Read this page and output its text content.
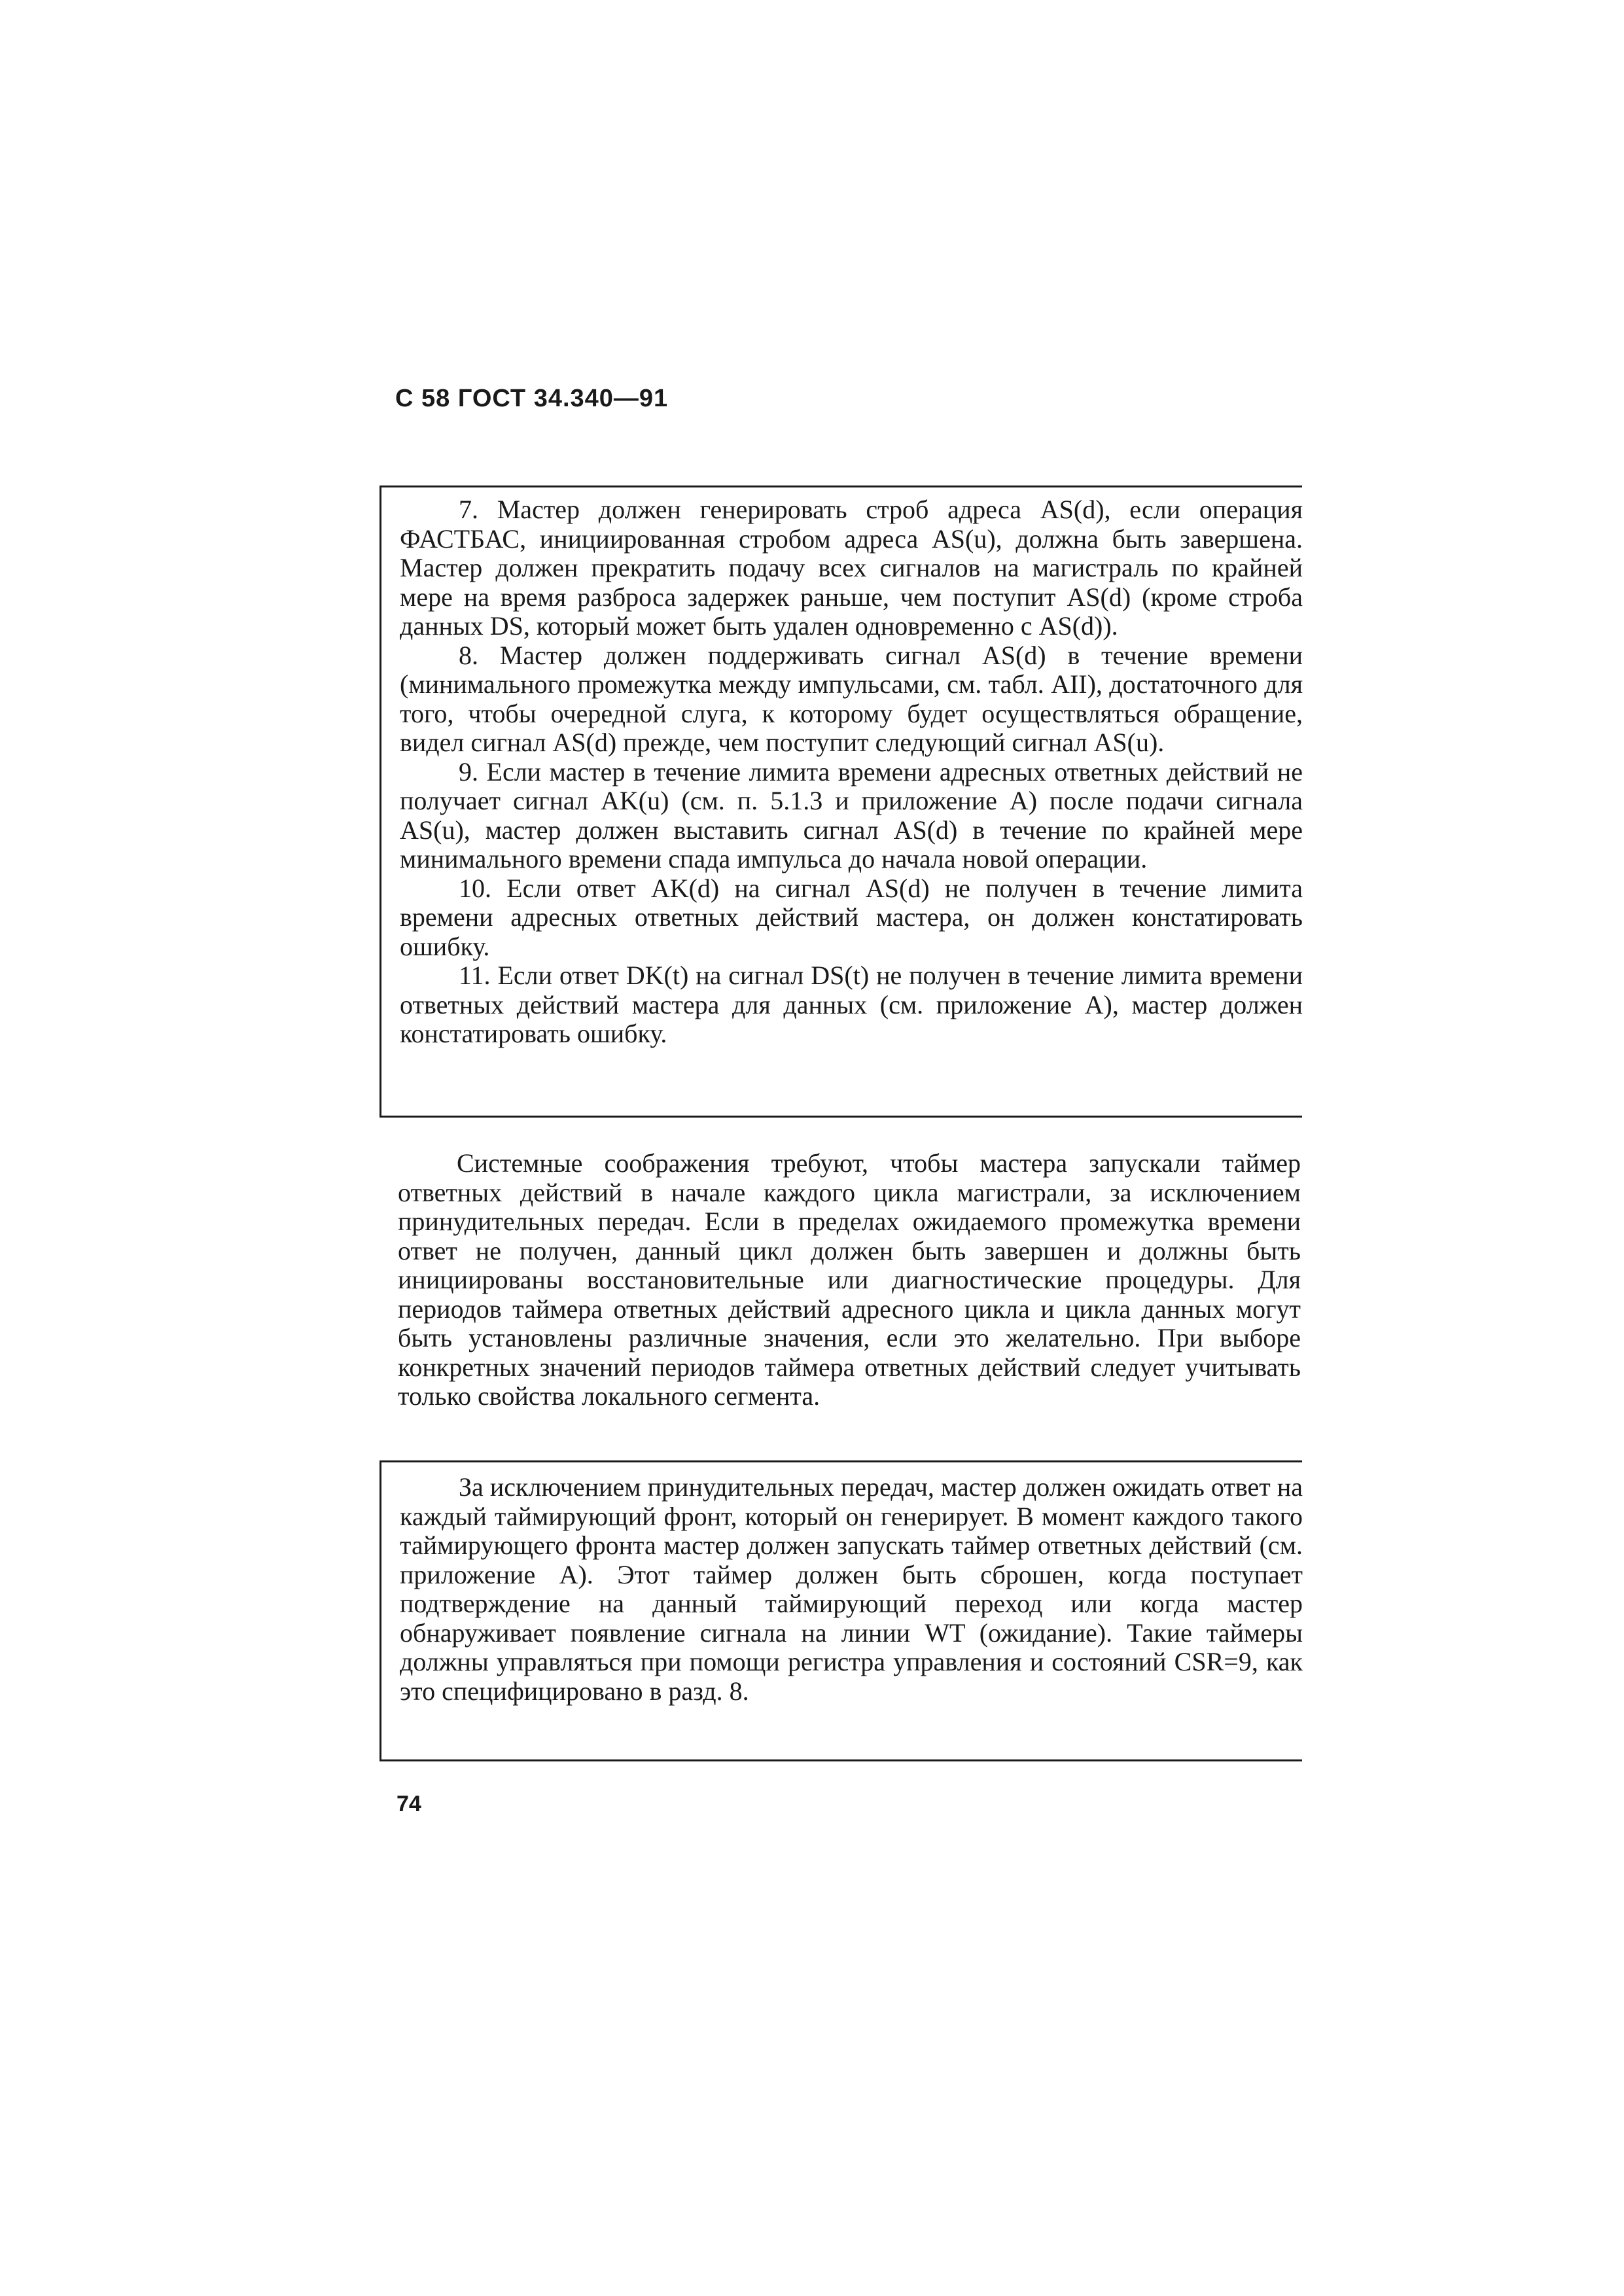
С 58 ГОСТ 34.340—91

7. Мастер должен генерировать строб адреса AS(d), если операция ФАСТБАС, инициированная стробом адреса AS(u), должна быть завершена. Мастер должен прекратить подачу всех сигналов на магистраль по крайней мере на время разброса задержек раньше, чем поступит AS(d) (кроме строба данных DS, который может быть удален одновременно с AS(d)).

8. Мастер должен поддерживать сигнал AS(d) в течение времени (минимального промежутка между импульсами, см. табл. AII), достаточного для того, чтобы очередной слуга, к которому будет осуществляться обращение, видел сигнал AS(d) прежде, чем поступит следующий сигнал AS(u).

9. Если мастер в течение лимита времени адресных ответных действий не получает сигнал AK(u) (см. п. 5.1.3 и приложение А) после подачи сигнала AS(u), мастер должен выставить сигнал AS(d) в течение по крайней мере минимального времени спада импульса до начала новой операции.

10. Если ответ AK(d) на сигнал AS(d) не получен в течение лимита времени адресных ответных действий мастера, он должен констатировать ошибку.

11. Если ответ DK(t) на сигнал DS(t) не получен в течение лимита времени ответных действий мастера для данных (см. приложение А), мастер должен констатировать ошибку.

Системные соображения требуют, чтобы мастера запускали таймер ответных действий в начале каждого цикла магистрали, за исключением принудительных передач. Если в пределах ожидаемого промежутка времени ответ не получен, данный цикл должен быть завершен и должны быть инициированы восстановительные или диагностические процедуры. Для периодов таймера ответных действий адресного цикла и цикла данных могут быть установлены различные значения, если это желательно. При выборе конкретных значений периодов таймера ответных действий следует учитывать только свойства локального сегмента.

За исключением принудительных передач, мастер должен ожидать ответ на каждый таймирующий фронт, который он генерирует. В момент каждого такого таймирующего фронта мастер должен запускать таймер ответных действий (см. приложение А). Этот таймер должен быть сброшен, когда поступает подтверждение на данный таймирующий переход или когда мастер обнаруживает появление сигнала на линии WT (ожидание). Такие таймеры должны управляться при помощи регистра управления и состояний CSR=9, как это специфицировано в разд. 8.

74
